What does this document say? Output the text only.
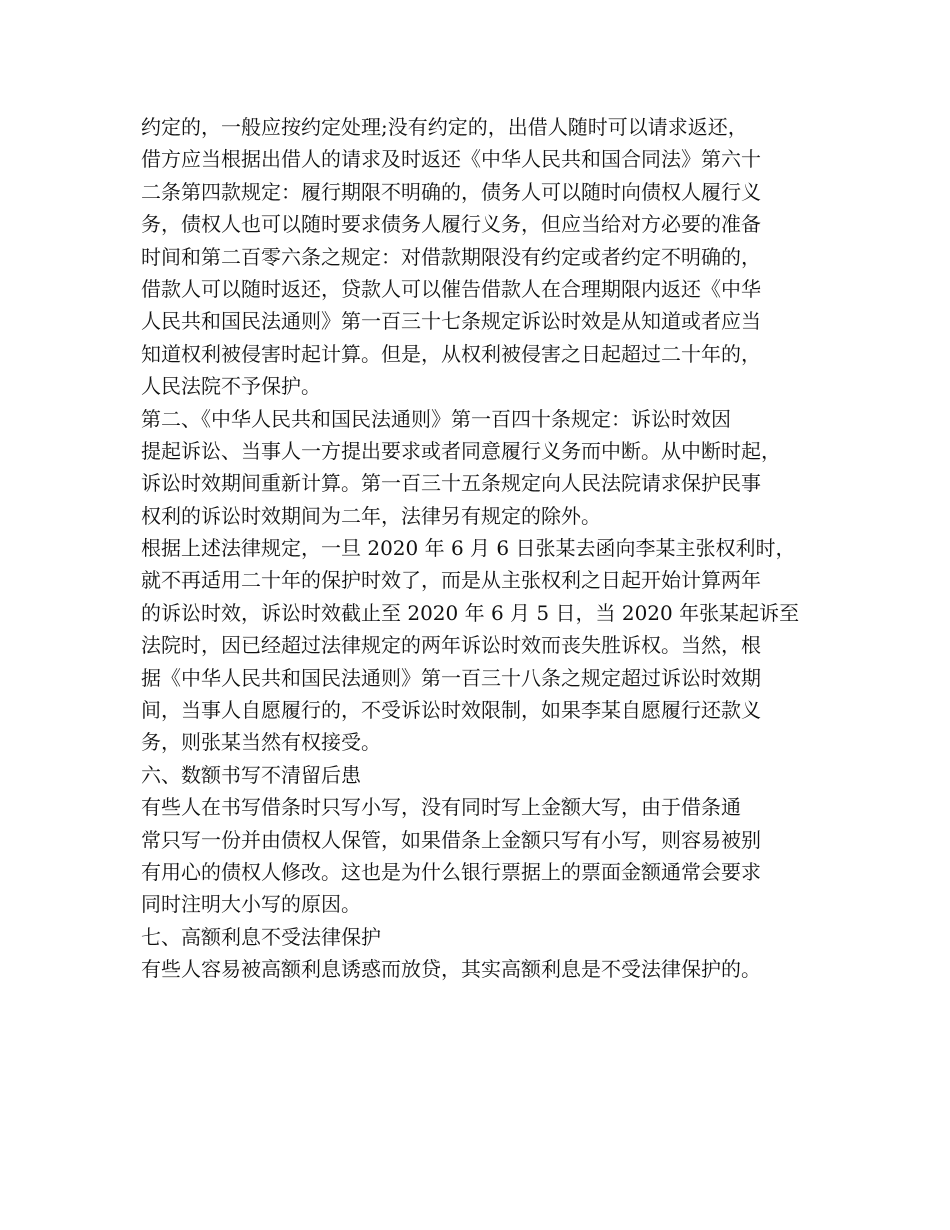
约定的，一般应按约定处理;没有约定的，出借人随时可以请求返还，
借方应当根据出借人的请求及时返还《中华人民共和国合同法》第六十
二条第四款规定：履行期限不明确的，债务人可以随时向债权人履行义
务，债权人也可以随时要求债务人履行义务，但应当给对方必要的准备
时间和第二百零六条之规定：对借款期限没有约定或者约定不明确的，
借款人可以随时返还，贷款人可以催告借款人在合理期限内返还《中华
人民共和国民法通则》第一百三十七条规定诉讼时效是从知道或者应当
知道权利被侵害时起计算。但是，从权利被侵害之日起超过二十年的，
人民法院不予保护。
第二、《中华人民共和国民法通则》第一百四十条规定：诉讼时效因
提起诉讼、当事人一方提出要求或者同意履行义务而中断。从中断时起，
诉讼时效期间重新计算。第一百三十五条规定向人民法院请求保护民事
权利的诉讼时效期间为二年，法律另有规定的除外。
根据上述法律规定，一旦 2020 年 6 月 6 日张某去函向李某主张权利时，
就不再适用二十年的保护时效了，而是从主张权利之日起开始计算两年
的诉讼时效，诉讼时效截止至 2020 年 6 月 5 日，当 2020 年张某起诉至
法院时，因已经超过法律规定的两年诉讼时效而丧失胜诉权。当然，根
据《中华人民共和国民法通则》第一百三十八条之规定超过诉讼时效期
间，当事人自愿履行的，不受诉讼时效限制，如果李某自愿履行还款义
务，则张某当然有权接受。
六、数额书写不清留后患
有些人在书写借条时只写小写，没有同时写上金额大写，由于借条通
常只写一份并由债权人保管，如果借条上金额只写有小写，则容易被别
有用心的债权人修改。这也是为什么银行票据上的票面金额通常会要求
同时注明大小写的原因。
七、高额利息不受法律保护
有些人容易被高额利息诱惑而放贷，其实高额利息是不受法律保护的。
